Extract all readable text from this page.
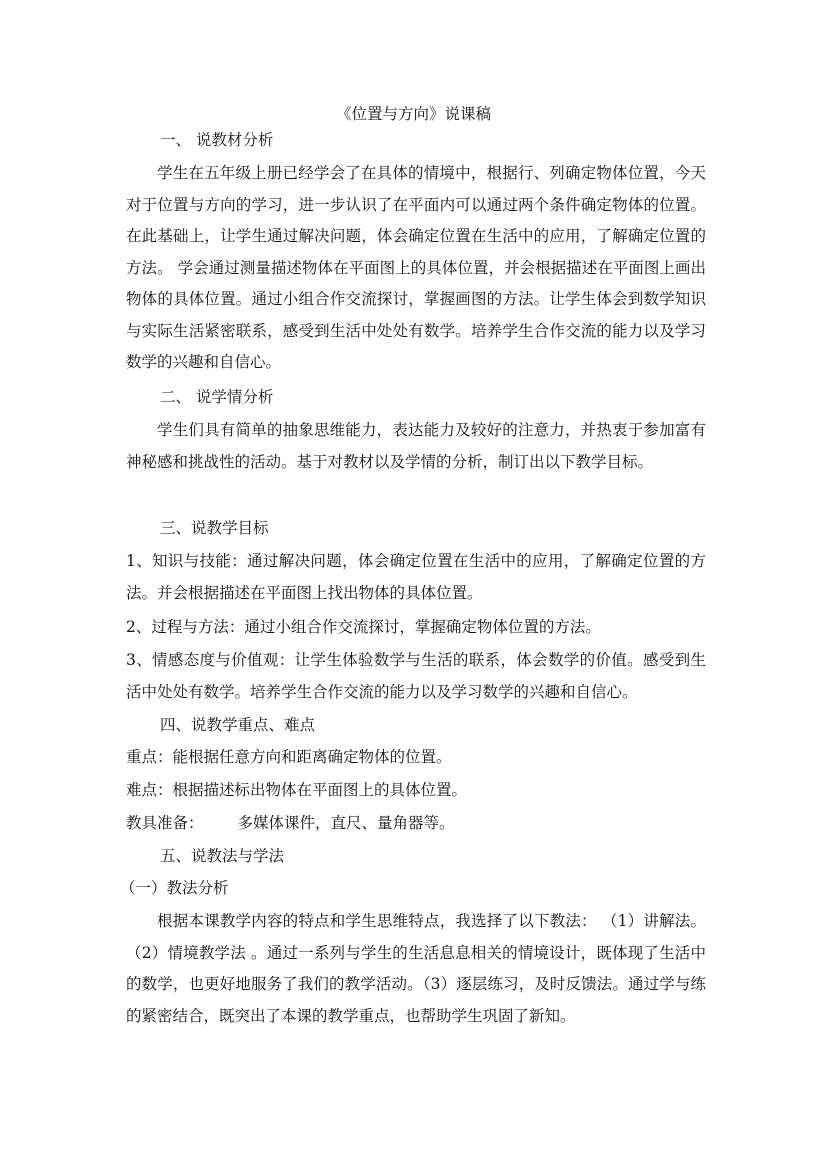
《位置与方向》说课稿
一、 说教材分析

学生在五年级上册已经学会了在具体的情境中，根据行、列确定物体位置，今天对于位置与方向的学习，进一步认识了在平面内可以通过两个条件确定物体的位置。在此基础上，让学生通过解决问题，体会确定位置在生活中的应用，了解确定位置的方法。 学会通过测量描述物体在平面图上的具体位置，并会根据描述在平面图上画出物体的具体位置。通过小组合作交流探讨，掌握画图的方法。让学生体会到数学知识与实际生活紧密联系，感受到生活中处处有数学。培养学生合作交流的能力以及学习数学的兴趣和自信心。

二、 说学情分析

学生们具有简单的抽象思维能力，表达能力及较好的注意力，并热衷于参加富有神秘感和挑战性的活动。基于对教材以及学情的分析，制订出以下教学目标。

三、说教学目标

1、知识与技能：通过解决问题，体会确定位置在生活中的应用，了解确定位置的方法。并会根据描述在平面图上找出物体的具体位置。

2、过程与方法：通过小组合作交流探讨，掌握确定物体位置的方法。

3、情感态度与价值观：让学生体验数学与生活的联系，体会数学的价值。感受到生活中处处有数学。培养学生合作交流的能力以及学习数学的兴趣和自信心。

四、说教学重点、难点
重点：能根据任意方向和距离确定物体的位置。
难点：根据描述标出物体在平面图上的具体位置。
教具准备： 多媒体课件，直尺、量角器等。
五、说教法与学法
（一）教法分析

根据本课教学内容的特点和学生思维特点，我选择了以下教法： （1）讲解法。（2）情境教学法 。通过一系列与学生的生活息息相关的情境设计，既体现了生活中的数学，也更好地服务了我们的教学活动。（3）逐层练习，及时反馈法。通过学与练的紧密结合，既突出了本课的教学重点，也帮助学生巩固了新知。
